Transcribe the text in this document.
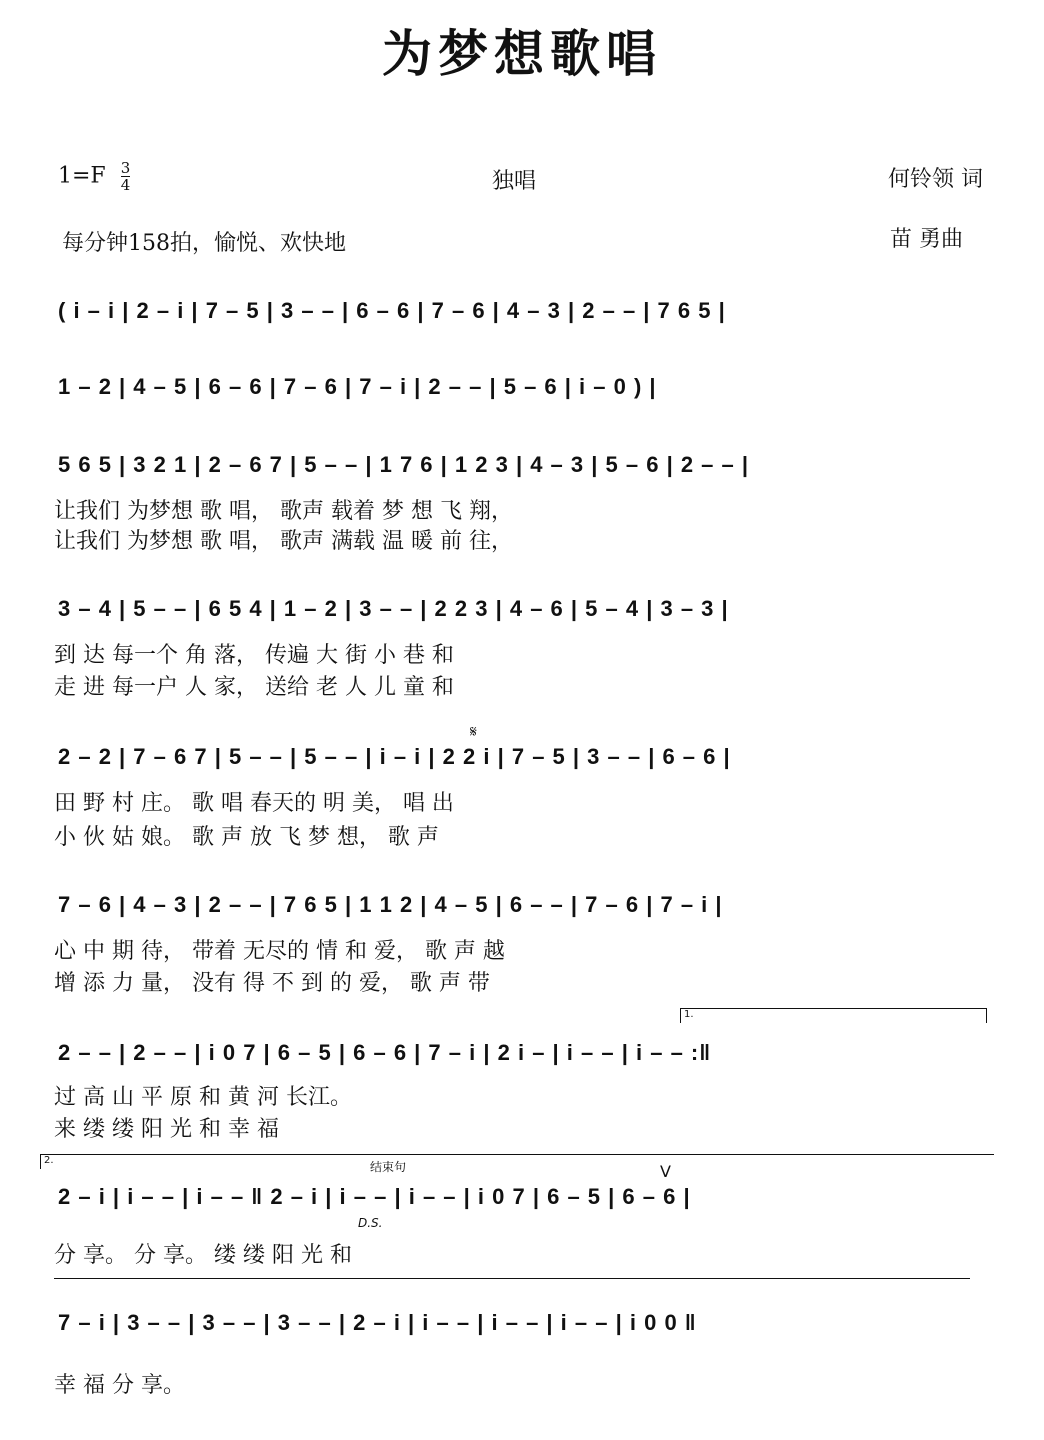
为梦想歌唱
$1=F \frac{3}{4}$	独唱	何铃领 词
每分钟158拍，愉悦、欢快地	苗 勇曲
( i – i | 2 – i | 7 – 5 | 3 – – | 6 – 6 | 7 – 6 | 4 – 3 | 2 – – | 7 6 5 |
1 – 2 | 4 – 5 | 6 – 6 | 7 – 6 | 7 – i | 2 – – | 5 – 6 | i – 0 ) |
5 6 5 | 3 2 1 | 2 – 6 7 | 5 – – | 1 7 6 | 1 2 3 | 4 – 3 | 5 – 6 | 2 – – |
让我们 为梦想 歌 唱， 歌声 载着 梦 想 飞 翔，
让我们 为梦想 歌 唱， 歌声 满载 温 暖 前 往，
3 – 4 | 5 – – | 6 5 4 | 1 – 2 | 3 – – | 2 2 3 | 4 – 6 | 5 – 4 | 3 – 3 |
到 达 每一个 角 落， 传遍 大 街 小 巷 和
走 进 每一户 人 家， 送给 老 人 儿 童 和
𝄋
2 – 2 | 7 – 6 7 | 5 – – | 5 – – | i – i | 2 2 i | 7 – 5 | 3 – – | 6 – 6 |
田 野 村 庄。 歌 唱 春天的 明 美， 唱 出
小 伙 姑 娘。 歌 声 放 飞 梦 想， 歌 声
7 – 6 | 4 – 3 | 2 – – | 7 6 5 | 1 1 2 | 4 – 5 | 6 – – | 7 – 6 | 7 – i |
心 中 期 待， 带着 无尽的 情 和 爱， 歌 声 越
增 添 力 量， 没有 得 不 到 的 爱， 歌 声 带
1.
2 – – | 2 – – | i 0 7 | 6 – 5 | 6 – 6 | 7 – i | 2 i – | i – – | i – – :‖
过 高 山 平 原 和 黄 河 长江。
来 缕 缕 阳 光 和 幸 福
2.	结束句
D.S.
V
2 – i | i – – | i – – ‖ 2 – i | i – – | i – – | i 0 7 | 6 – 5 | 6 – 6 |
分 享。 分 享。 缕 缕 阳 光 和
7 – i | 3 – – | 3 – – | 3 – – | 2 – i | i – – | i – – | i – – | i 0 0 ‖
幸 福 分 享。
